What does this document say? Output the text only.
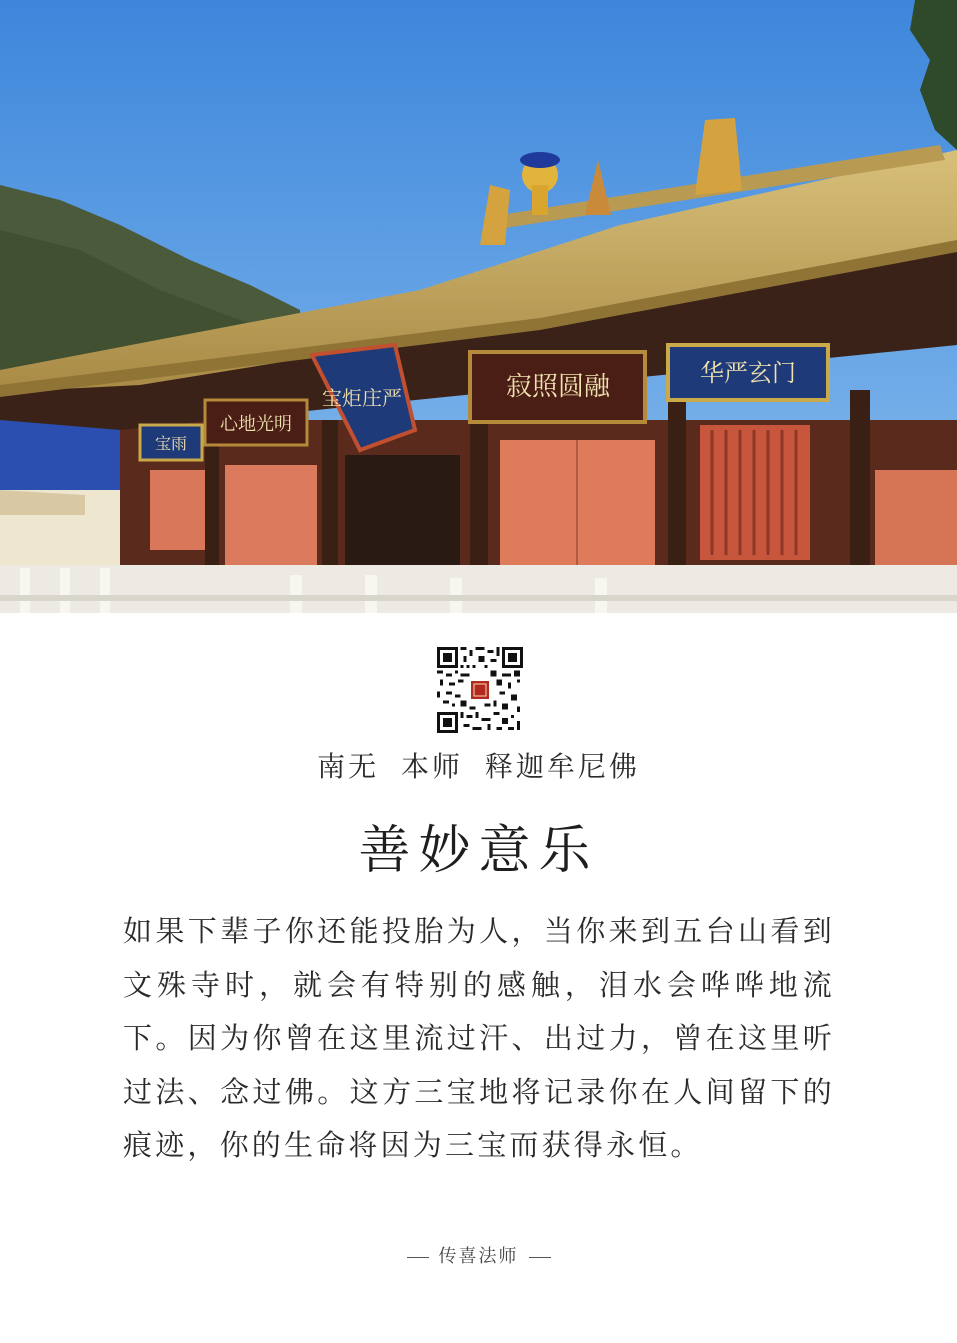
华严玄门
寂照圆融
宝炬庄严
心地光明
宝雨
南无 本师 释迦牟尼佛
善妙意乐
如果下辈子你还能投胎为人，当你来到五台山看到文殊寺时，就会有特别的感触，泪水会哗哗地流下。因为你曾在这里流过汗、出过力，曾在这里听过法、念过佛。这方三宝地将记录你在人间留下的痕迹，你的生命将因为三宝而获得永恒。
传喜法师
